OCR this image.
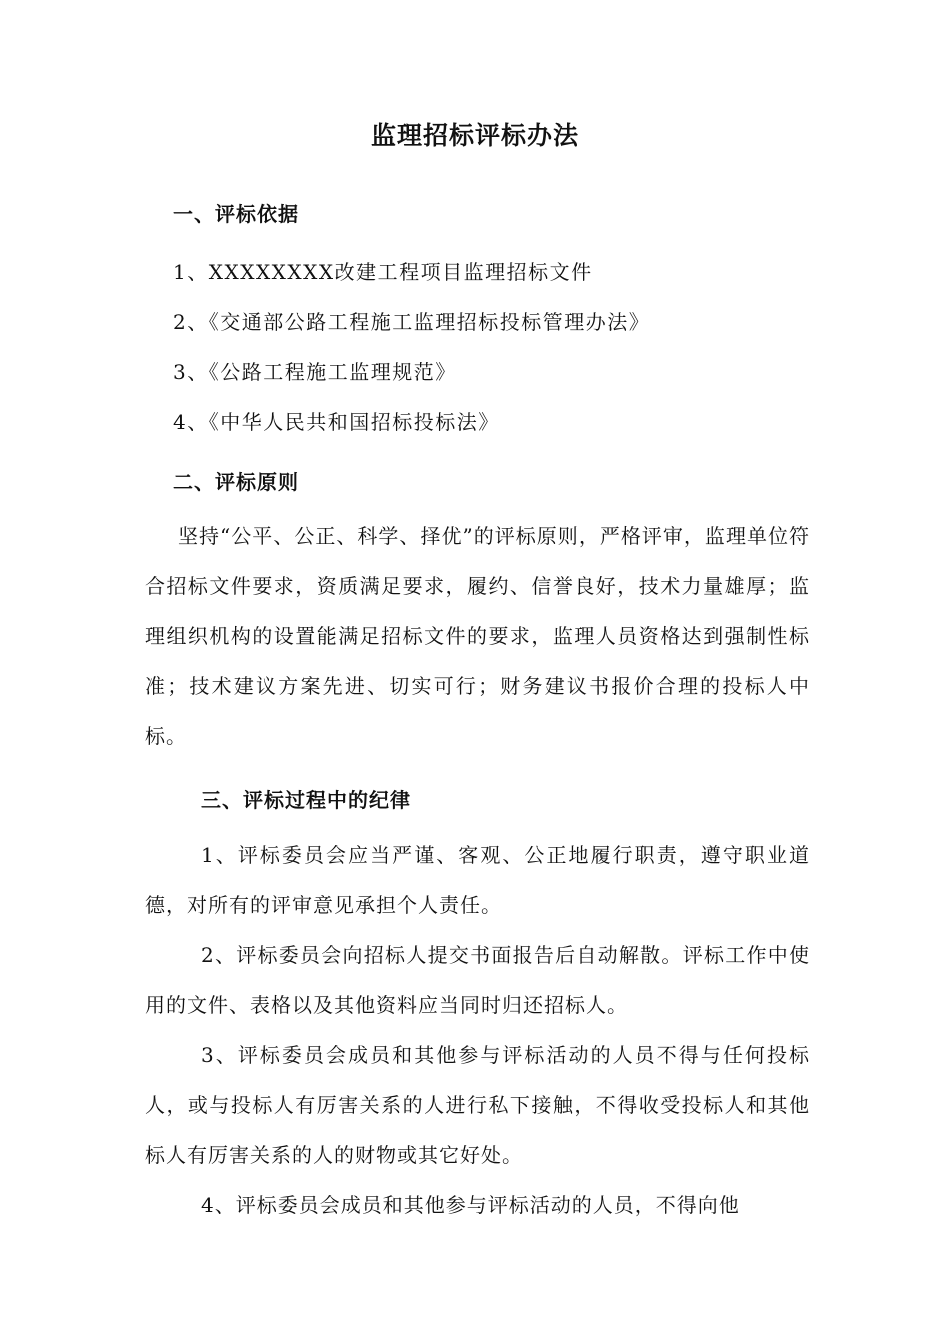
监理招标评标办法
一、评标依据
1、XXXXXXXX改建工程项目监理招标文件
2、《交通部公路工程施工监理招标投标管理办法》
3、《公路工程施工监理规范》
4、《中华人民共和国招标投标法》
二、评标原则
坚持“公平、公正、科学、择优”的评标原则，严格评审，监理单位符合招标文件要求，资质满足要求，履约、信誉良好，技术力量雄厚；监理组织机构的设置能满足招标文件的要求，监理人员资格达到强制性标准；技术建议方案先进、切实可行；财务建议书报价合理的投标人中标。
三、评标过程中的纪律
1、评标委员会应当严谨、客观、公正地履行职责，遵守职业道德，对所有的评审意见承担个人责任。
2、评标委员会向招标人提交书面报告后自动解散。评标工作中使用的文件、表格以及其他资料应当同时归还招标人。
3、评标委员会成员和其他参与评标活动的人员不得与任何投标人，或与投标人有厉害关系的人进行私下接触，不得收受投标人和其他标人有厉害关系的人的财物或其它好处。
4、评标委员会成员和其他参与评标活动的人员，不得向他
